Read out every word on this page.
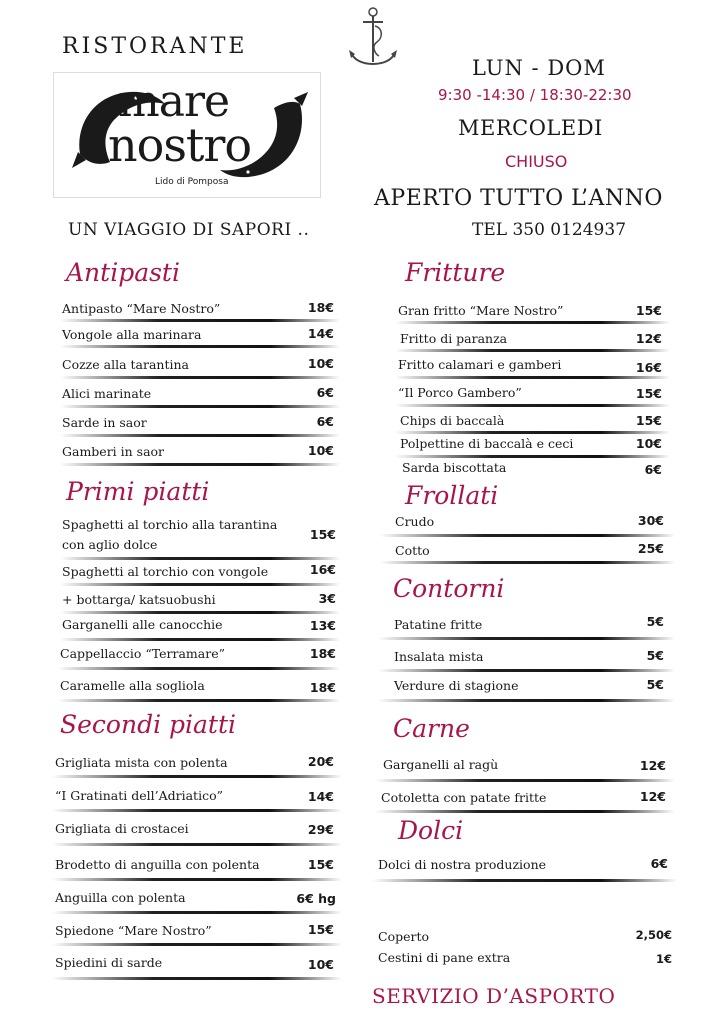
RISTORANTE
mare
nostro
Lido di Pomposa
UN VIAGGIO DI SAPORI ..
LUN - DOM
9:30 -14:30 / 18:30-22:30
MERCOLEDI
CHIUSO
APERTO TUTTO L’ANNO
TEL 350 0124937
Antipasti
Antipasto “Mare Nostro”	18€
Vongole alla marinara	14€
Cozze alla tarantina	10€
Alici marinate	6€
Sarde in saor	6€
Gamberi in saor	10€
Primi piatti
Spaghetti al torchio alla tarantina
con aglio dolce
15€
Spaghetti al torchio con vongole	16€
+ bottarga/ katsuobushi	3€
Garganelli alle canocchie	13€
Cappellaccio “Terramare”	18€
Caramelle alla sogliola	18€
Secondi piatti
Grigliata mista con polenta	20€
“I Gratinati dell’Adriatico”	14€
Grigliata di crostacei	29€
Brodetto di anguilla con polenta	15€
Anguilla con polenta	6€ hg
Spiedone “Mare Nostro”	15€
Spiedini di sarde	10€
Fritture
Gran fritto “Mare Nostro”	15€
Fritto di paranza	12€
Fritto calamari e gamberi	16€
“Il Porco Gambero”	15€
Chips di baccalà	15€
Polpettine di baccalà e ceci	10€
Sarda biscottata	6€
Frollati
Crudo	30€
Cotto	25€
Contorni
Patatine fritte	5€
Insalata mista	5€
Verdure di stagione	5€
Carne
Garganelli al ragù	12€
Cotoletta con patate fritte	12€
Dolci
Dolci di nostra produzione	6€
Coperto	2,50€
Cestini di pane extra	1€
SERVIZIO D’ASPORTO
